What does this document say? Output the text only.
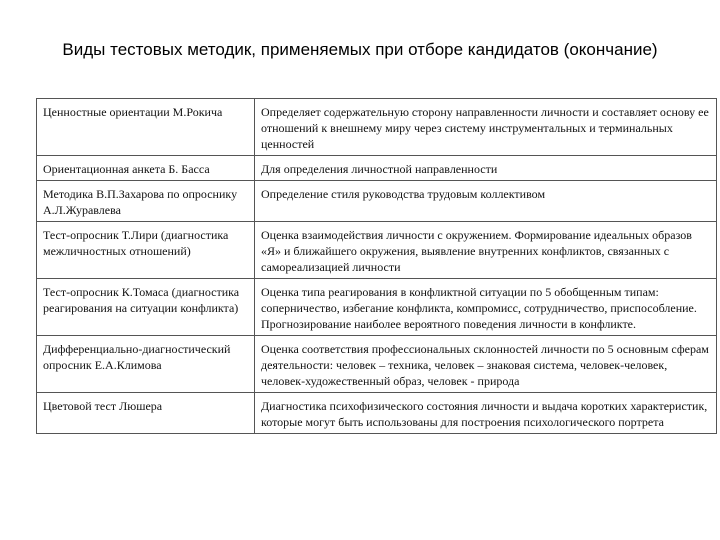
Виды тестовых методик, применяемых при отборе кандидатов (окончание)
Ценностные ориентации М.Рокича	Определяет содержательную сторону направленности личности и составляет основу ее отношений к внешнему миру через систему инструментальных и терминальных ценностей
Ориентационная анкета Б. Басса	Для определения личностной направленности
Методика В.П.Захарова по опроснику А.Л.Журавлева	Определение стиля руководства трудовым коллективом
Тест-опросник Т.Лири (диагностика межличностных отношений)	Оценка взаимодействия личности с окружением. Формирование идеальных образов «Я» и ближайшего окружения, выявление внутренних конфликтов, связанных с самореализацией личности
Тест-опросник К.Томаса (диагностика реагирования на ситуации конфликта)	Оценка типа реагирования в конфликтной ситуации по 5 обобщенным типам: соперничество, избегание конфликта, компромисс, сотрудничество, приспособление. Прогнозирование наиболее вероятного поведения личности в конфликте.
Дифференциально-диагностический опросник Е.А.Климова	Оценка соответствия профессиональных склонностей личности по 5 основным сферам деятельности: человек – техника, человек – знаковая система, человек-человек, человек-художественный образ, человек - природа
Цветовой тест Люшера	Диагностика психофизического состояния личности и выдача коротких характеристик, которые могут быть использованы для построения психологического портрета
